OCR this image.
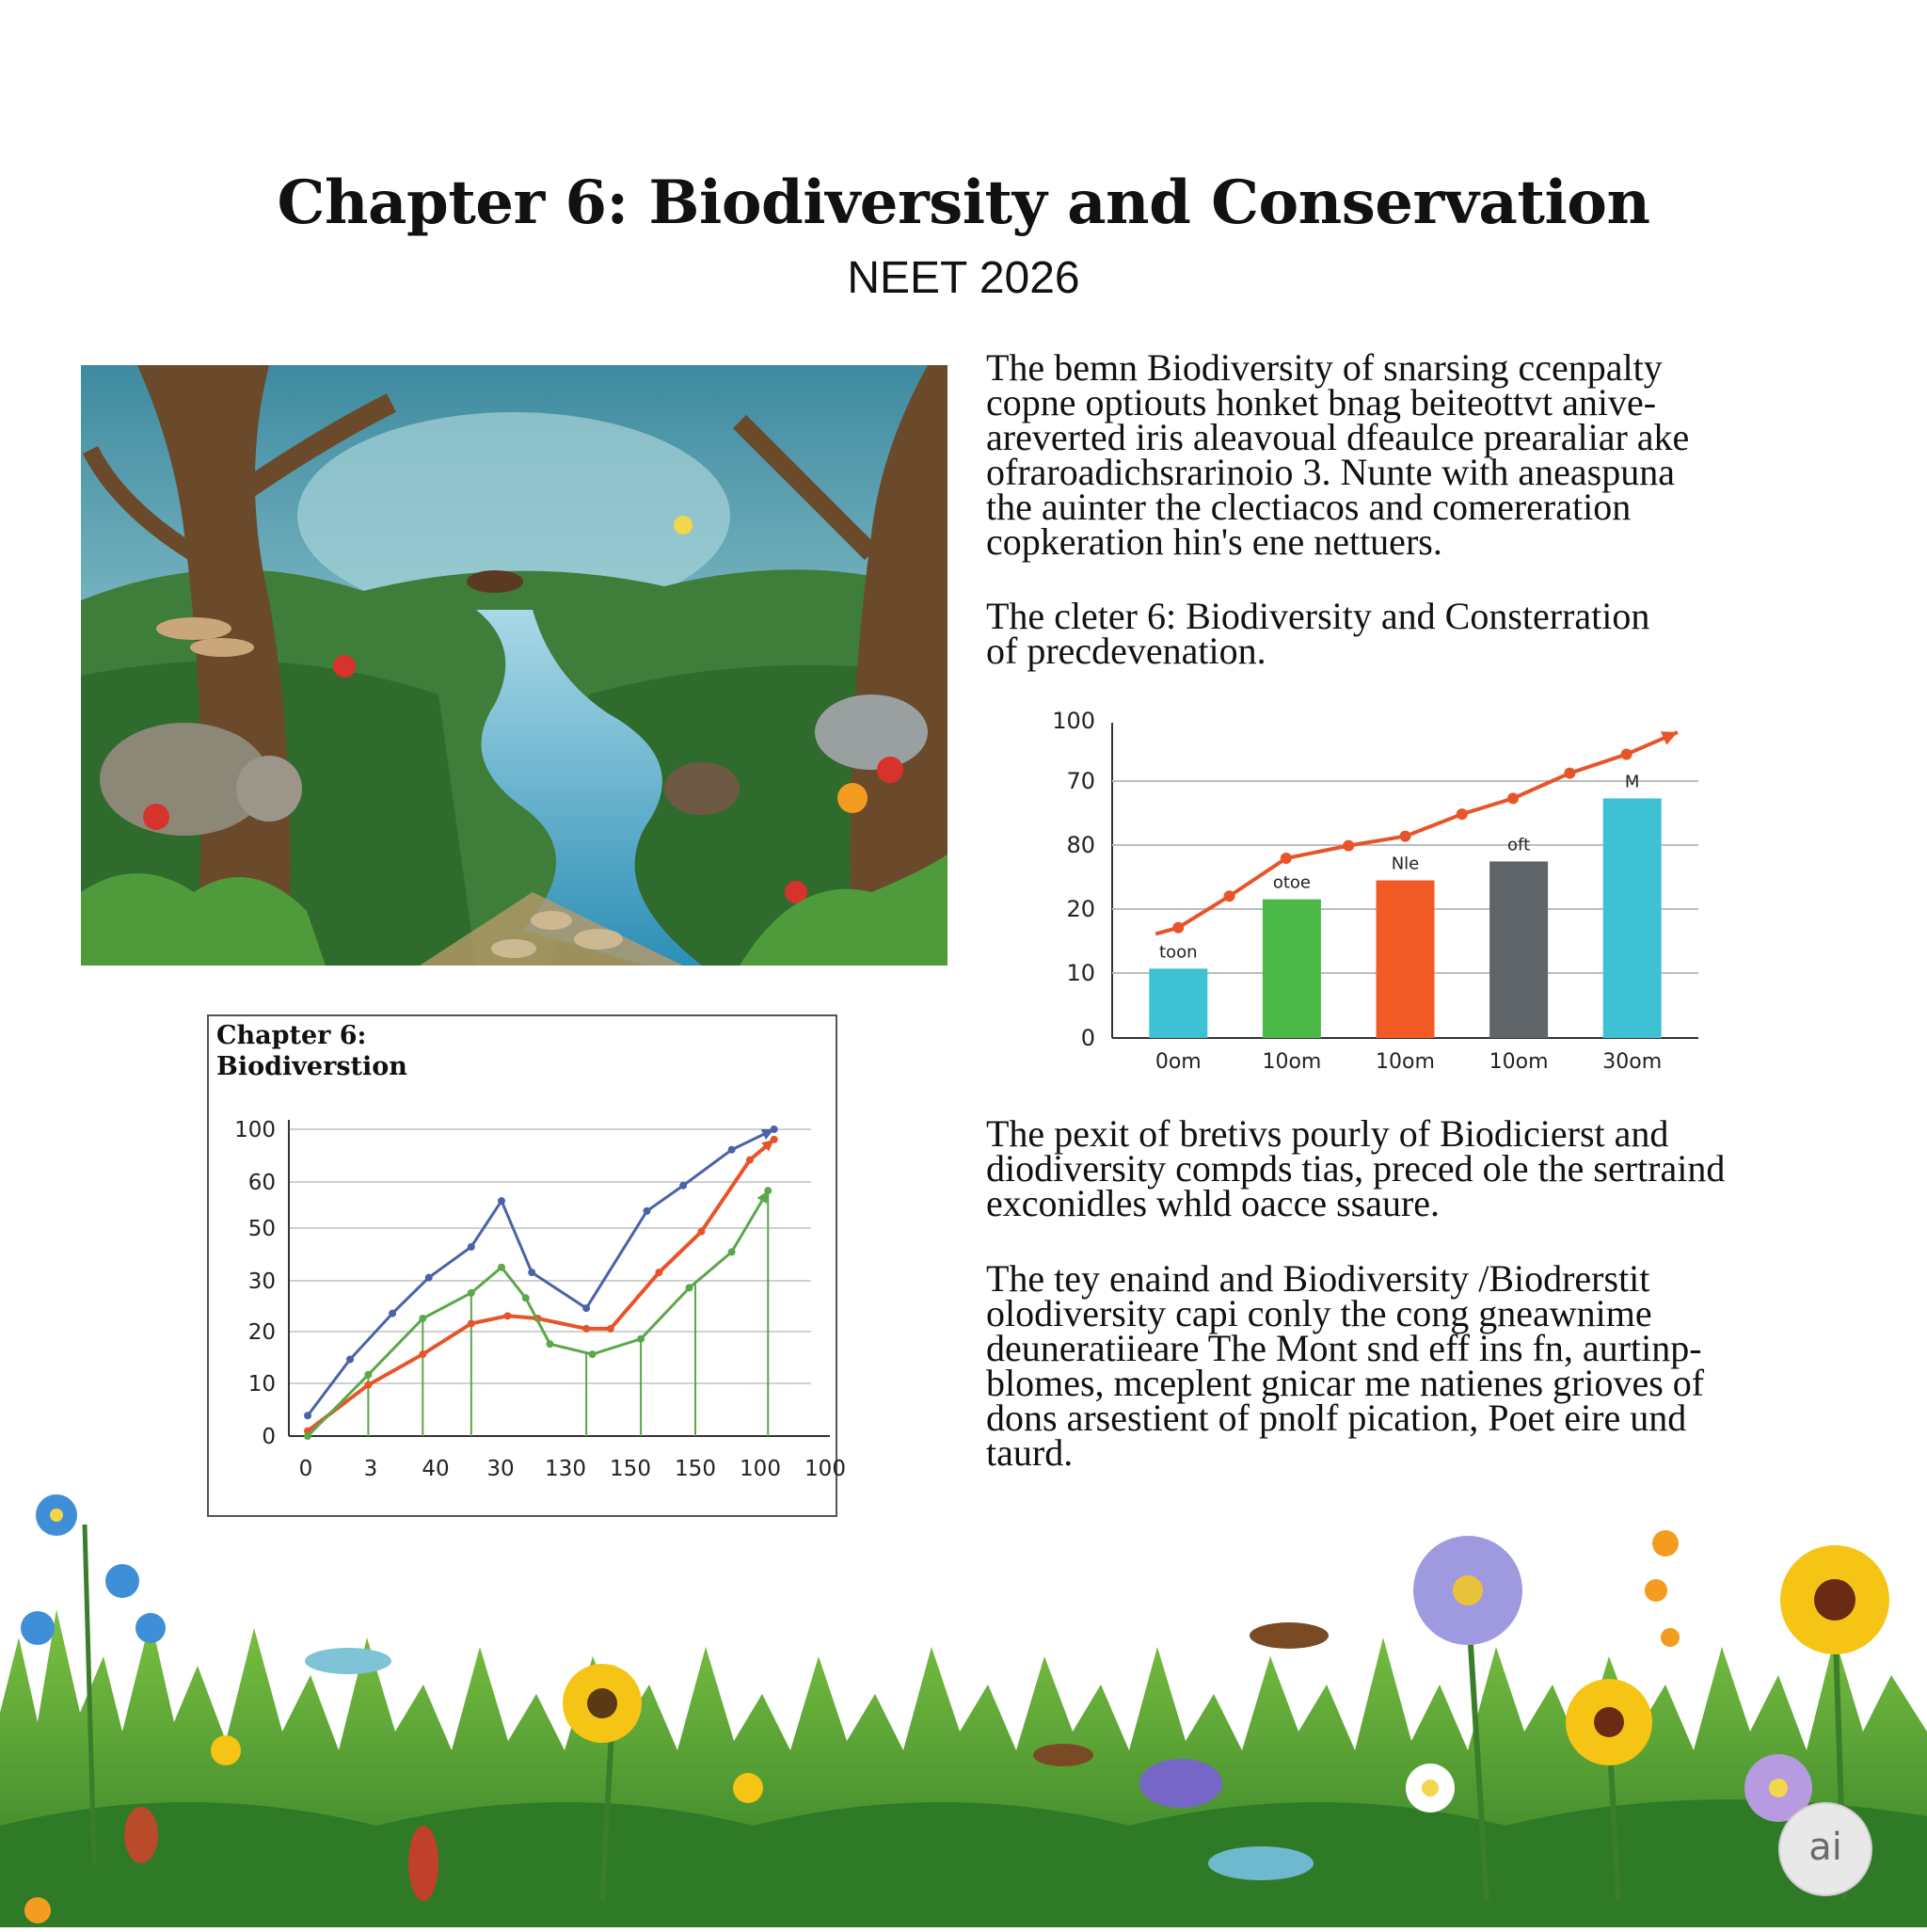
Chapter 6: Biodiversity and Conservation
NEET 2026

The bemn Biodiversity of snarsing ccenpalty
copne optiouts honket bnag beiteottvt anive-
areverted iris aleavoual dfeaulce prearaliar ake
ofraroadichsrarinoio 3. Nunte with aneaspuna
the auinter the clectiacos and comereration
copkeration hin's ene nettuers.

The cleter 6: Biodiversity and Consterration
of precdevenation.

0
10
20
80
70
100
toon
0om
otoe
10om
Nle
10om
oft
10om
M
30om

The pexit of bretivs pourly of Biodicierst and
diodiversity compds tias, preced ole the sertraind
exconidles whld oacce ssaure.

The tey enaind and Biodiversity /Biodrerstit
olodiversity capi conly the cong gneawnime
deuneratiieare The Mont snd eff ins fn, aurtinp-
blomes, mceplent gnicar me natienes grioves of
dons arsestient of pnolf pication, Poet eire und
taurd.

0
10
20
30
50
60
100
0 3 40 30 130 150 150 100 100
Chapter 6:
Biodiverstion
ai
